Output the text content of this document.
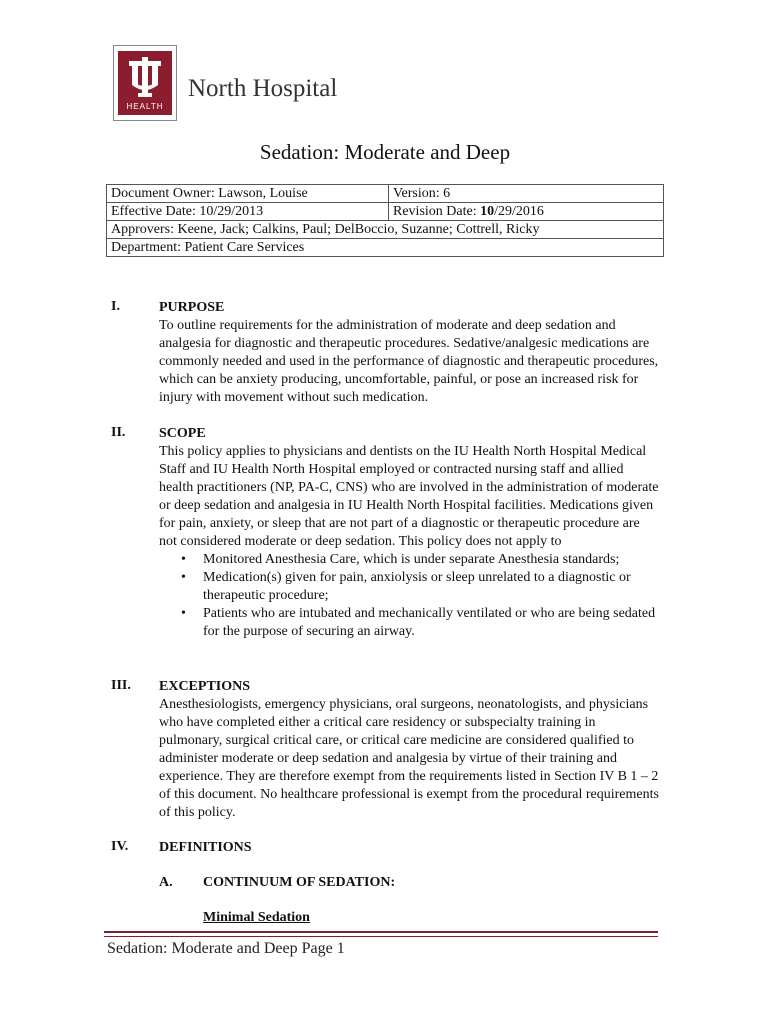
HEALTH
North Hospital
Sedation: Moderate and Deep
Document Owner: Lawson, Louise	Version: 6
Effective Date: 10/29/2013	Revision Date: 10/29/2016
Approvers: Keene, Jack; Calkins, Paul; DelBoccio, Suzanne; Cottrell, Ricky	
Department: Patient Care Services	
I.	PURPOSE

To outline requirements for the administration of moderate and deep sedation and analgesia for diagnostic and therapeutic procedures. Sedative/analgesic medications are commonly needed and used in the performance of diagnostic and therapeutic procedures, which can be anxiety producing, uncomfortable, painful, or pose an increased risk for injury with movement without such medication.

II. SCOPE

This policy applies to physicians and dentists on the IU Health North Hospital Medical Staff and IU Health North Hospital employed or contracted nursing staff and allied health practitioners (NP, PA-C, CNS) who are involved in the administration of moderate or deep sedation and analgesia in IU Health North Hospital facilities. Medications given for pain, anxiety, or sleep that are not part of a diagnostic or therapeutic procedure are not considered moderate or deep sedation. This policy does not apply to

• Monitored Anesthesia Care, which is under separate Anesthesia standards;
• Medication(s) given for pain, anxiolysis or sleep unrelated to a diagnostic or therapeutic procedure;
• Patients who are intubated and mechanically ventilated or who are being sedated for the purpose of securing an airway.
III. EXCEPTIONS

Anesthesiologists, emergency physicians, oral surgeons, neonatologists, and physicians who have completed either a critical care residency or subspecialty training in pulmonary, surgical critical care, or critical care medicine are considered qualified to administer moderate or deep sedation and analgesia by virtue of their training and experience. They are therefore exempt from the requirements listed in Section IV B 1 – 2 of this document. No healthcare professional is exempt from the procedural requirements of this policy.

IV. DEFINITIONS
A. CONTINUUM OF SEDATION:
Minimal Sedation
Sedation: Moderate and Deep Page 1
